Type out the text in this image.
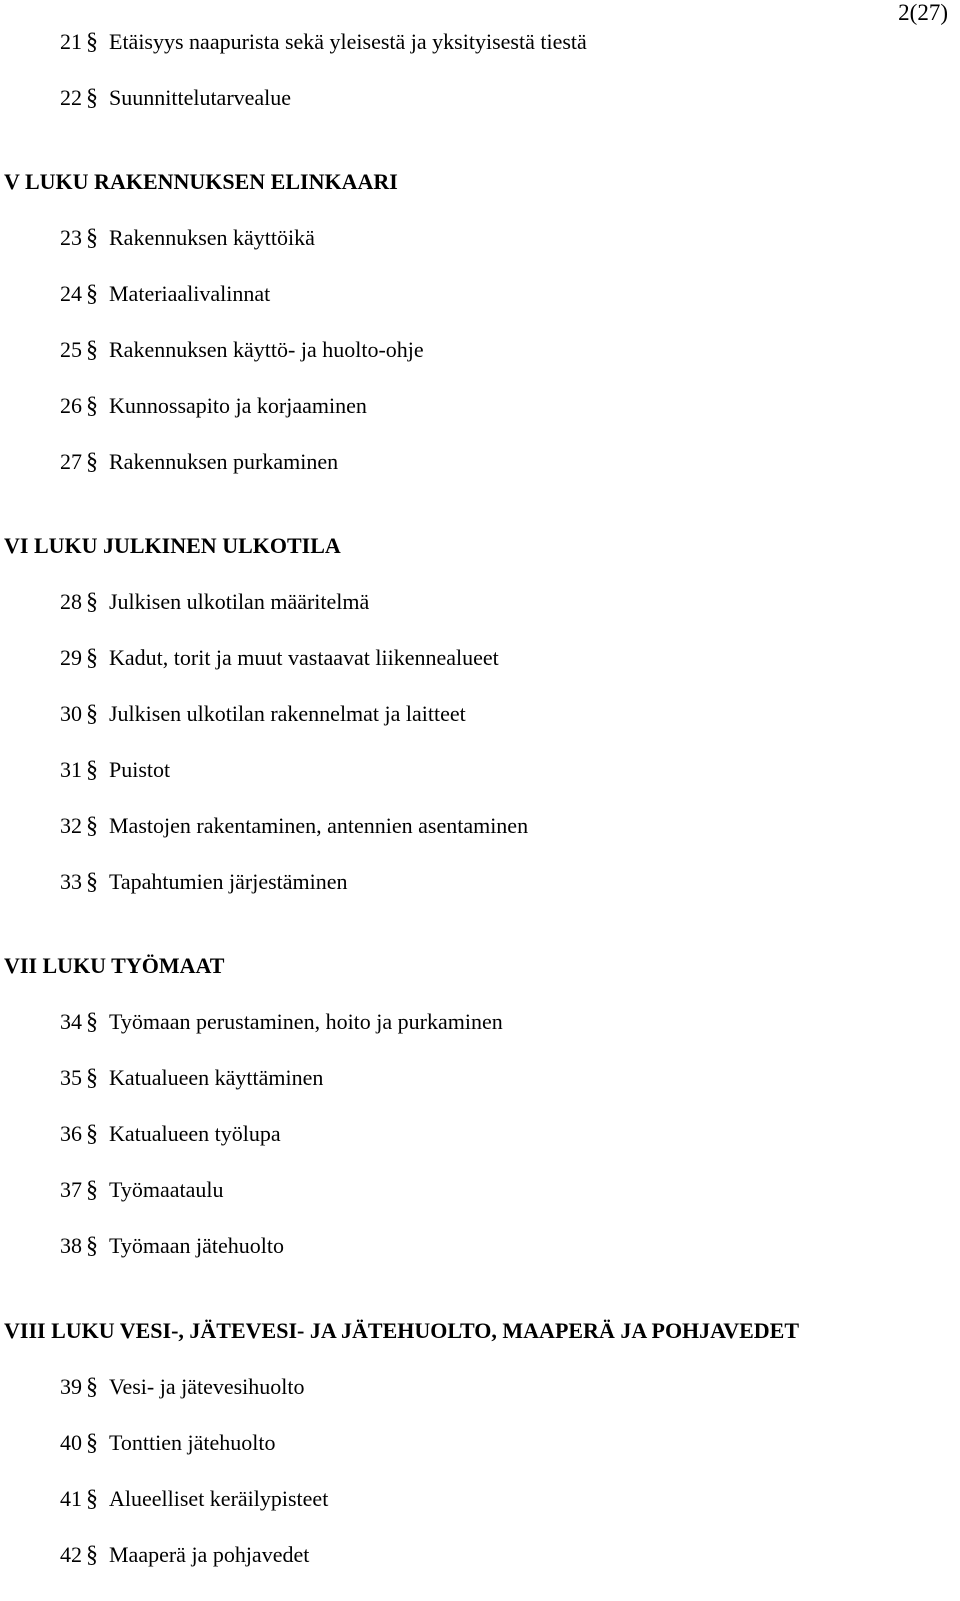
2(27)
21 § Etäisyys naapurista sekä yleisestä ja yksityisestä tiestä
22 § Suunnittelutarvealue
V LUKU RAKENNUKSEN ELINKAARI
23 § Rakennuksen käyttöikä
24 § Materiaalivalinnat
25 § Rakennuksen käyttö- ja huolto-ohje
26 § Kunnossapito ja korjaaminen
27 § Rakennuksen purkaminen
VI LUKU JULKINEN ULKOTILA
28 § Julkisen ulkotilan määritelmä
29 § Kadut, torit ja muut vastaavat liikennealueet
30 § Julkisen ulkotilan rakennelmat ja laitteet
31 § Puistot
32 § Mastojen rakentaminen, antennien asentaminen
33 § Tapahtumien järjestäminen
VII LUKU TYÖMAAT
34 § Työmaan perustaminen, hoito ja purkaminen
35 § Katualueen käyttäminen
36 § Katualueen työlupa
37 § Työmaataulu
38 § Työmaan jätehuolto
VIII LUKU VESI-, JÄTEVESI- JA JÄTEHUOLTO, MAAPERÄ JA POHJAVEDET
39 § Vesi- ja jätevesihuolto
40 § Tonttien jätehuolto
41 § Alueelliset keräilypisteet
42 § Maaperä ja pohjavedet
